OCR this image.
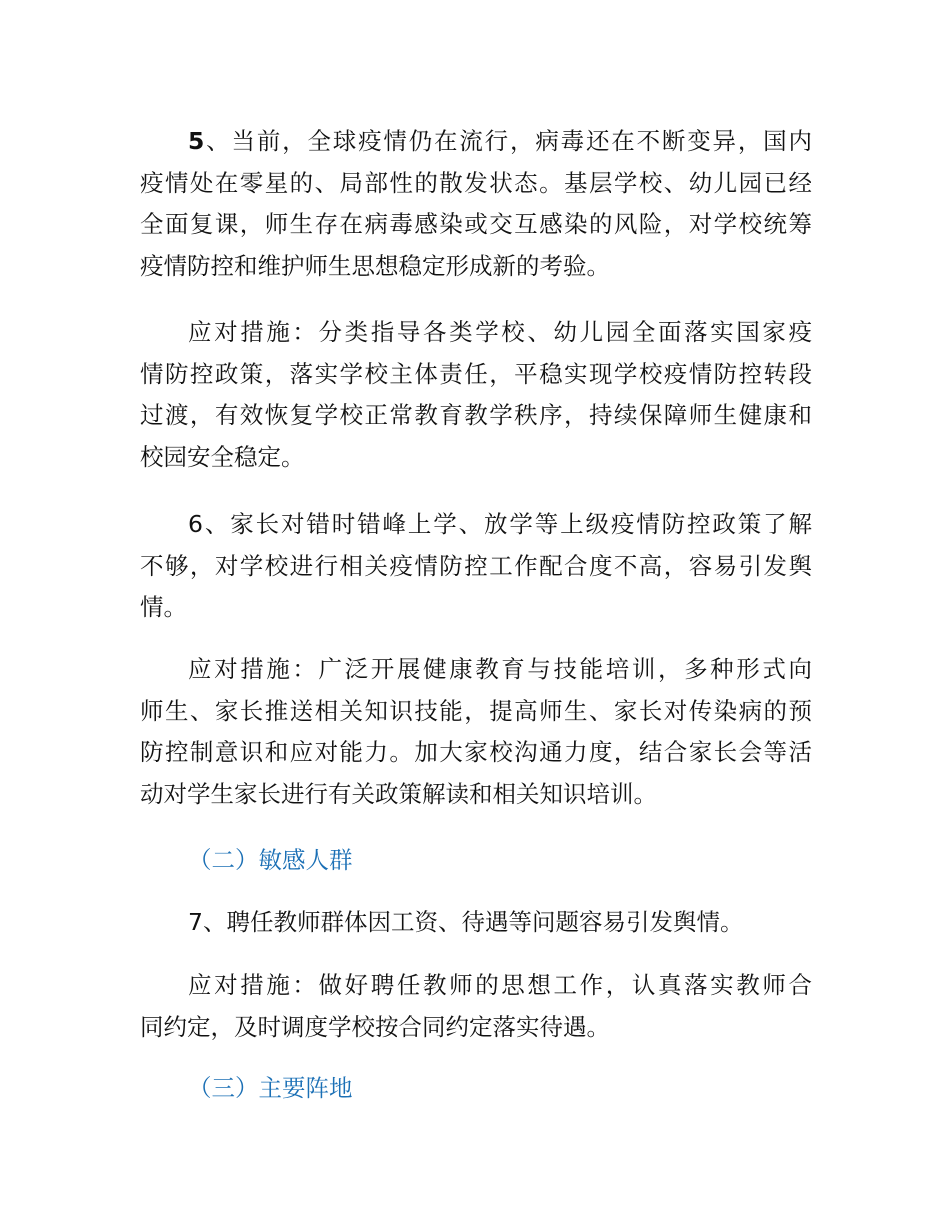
5、当前，全球疫情仍在流行，病毒还在不断变异，国内
疫情处在零星的、局部性的散发状态。基层学校、幼儿园已经
全面复课，师生存在病毒感染或交互感染的风险，对学校统筹
疫情防控和维护师生思想稳定形成新的考验。
应对措施：分类指导各类学校、幼儿园全面落实国家疫
情防控政策，落实学校主体责任，平稳实现学校疫情防控转段
过渡，有效恢复学校正常教育教学秩序，持续保障师生健康和
校园安全稳定。
6、家长对错时错峰上学、放学等上级疫情防控政策了解
不够，对学校进行相关疫情防控工作配合度不高，容易引发舆
情。
应对措施：广泛开展健康教育与技能培训，多种形式向
师生、家长推送相关知识技能，提高师生、家长对传染病的预
防控制意识和应对能力。加大家校沟通力度，结合家长会等活
动对学生家长进行有关政策解读和相关知识培训。
（二）敏感人群
7、聘任教师群体因工资、待遇等问题容易引发舆情。
应对措施：做好聘任教师的思想工作，认真落实教师合
同约定，及时调度学校按合同约定落实待遇。
（三）主要阵地
